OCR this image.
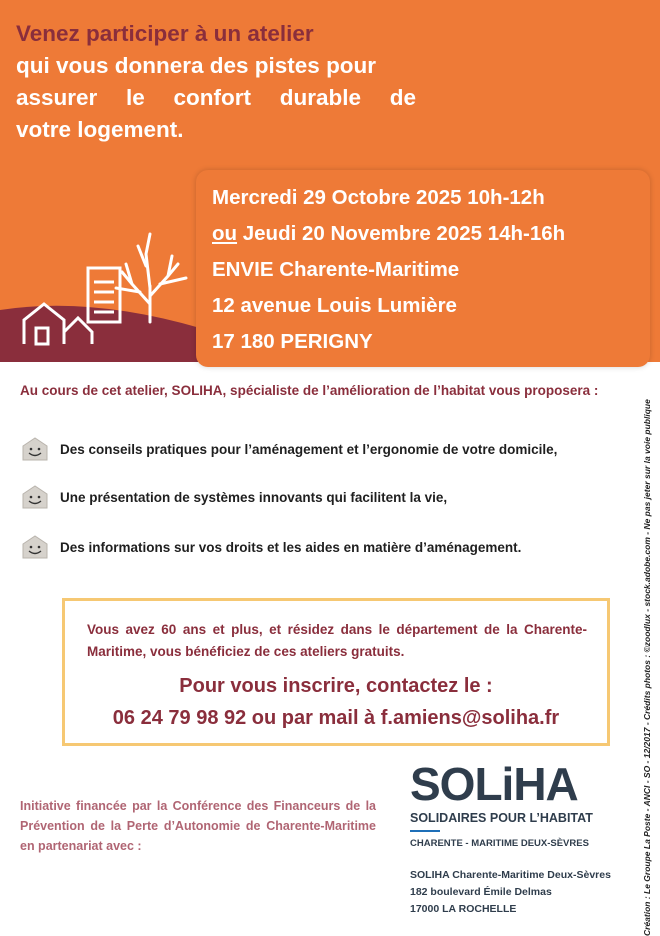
Venez participer à un atelier
qui vous donnera des pistes pour
assurer le confort durable de
votre logement.
Mercredi 29 Octobre 2025 10h-12h
ou Jeudi 20 Novembre 2025 14h-16h
ENVIE Charente-Maritime
12 avenue Louis Lumière
17 180 PERIGNY
Au cours de cet atelier, SOLIHA, spécialiste de l’amélioration de l’habitat vous proposera :
Des conseils pratiques pour l’aménagement et l’ergonomie de votre domicile,
Une présentation de systèmes innovants qui facilitent la vie,
Des informations sur vos droits et les aides en matière d’aménagement.
Vous avez 60 ans et plus, et résidez dans le département de la Charente-Maritime, vous bénéficiez de ces ateliers gratuits.
Pour vous inscrire, contactez le :
06 24 79 98 92 ou par mail à f.amiens@soliha.fr
Initiative financée par la Conférence des Financeurs de la Prévention de la Perte d’Autonomie de Charente-Maritime en partenariat avec :
SOLiHA
SOLIDAIRES POUR L’HABITAT
CHARENTE - MARITIME DEUX-SÈVRES
SOLIHA Charente-Maritime Deux-Sèvres
182 boulevard Émile Delmas
17000 LA ROCHELLE	Création : Le Groupe La Poste - ANCI - SO - 12/2017 - Crédits photos : ©zoodlux - stock.adobe.com - Ne pas jeter sur la voie publique
